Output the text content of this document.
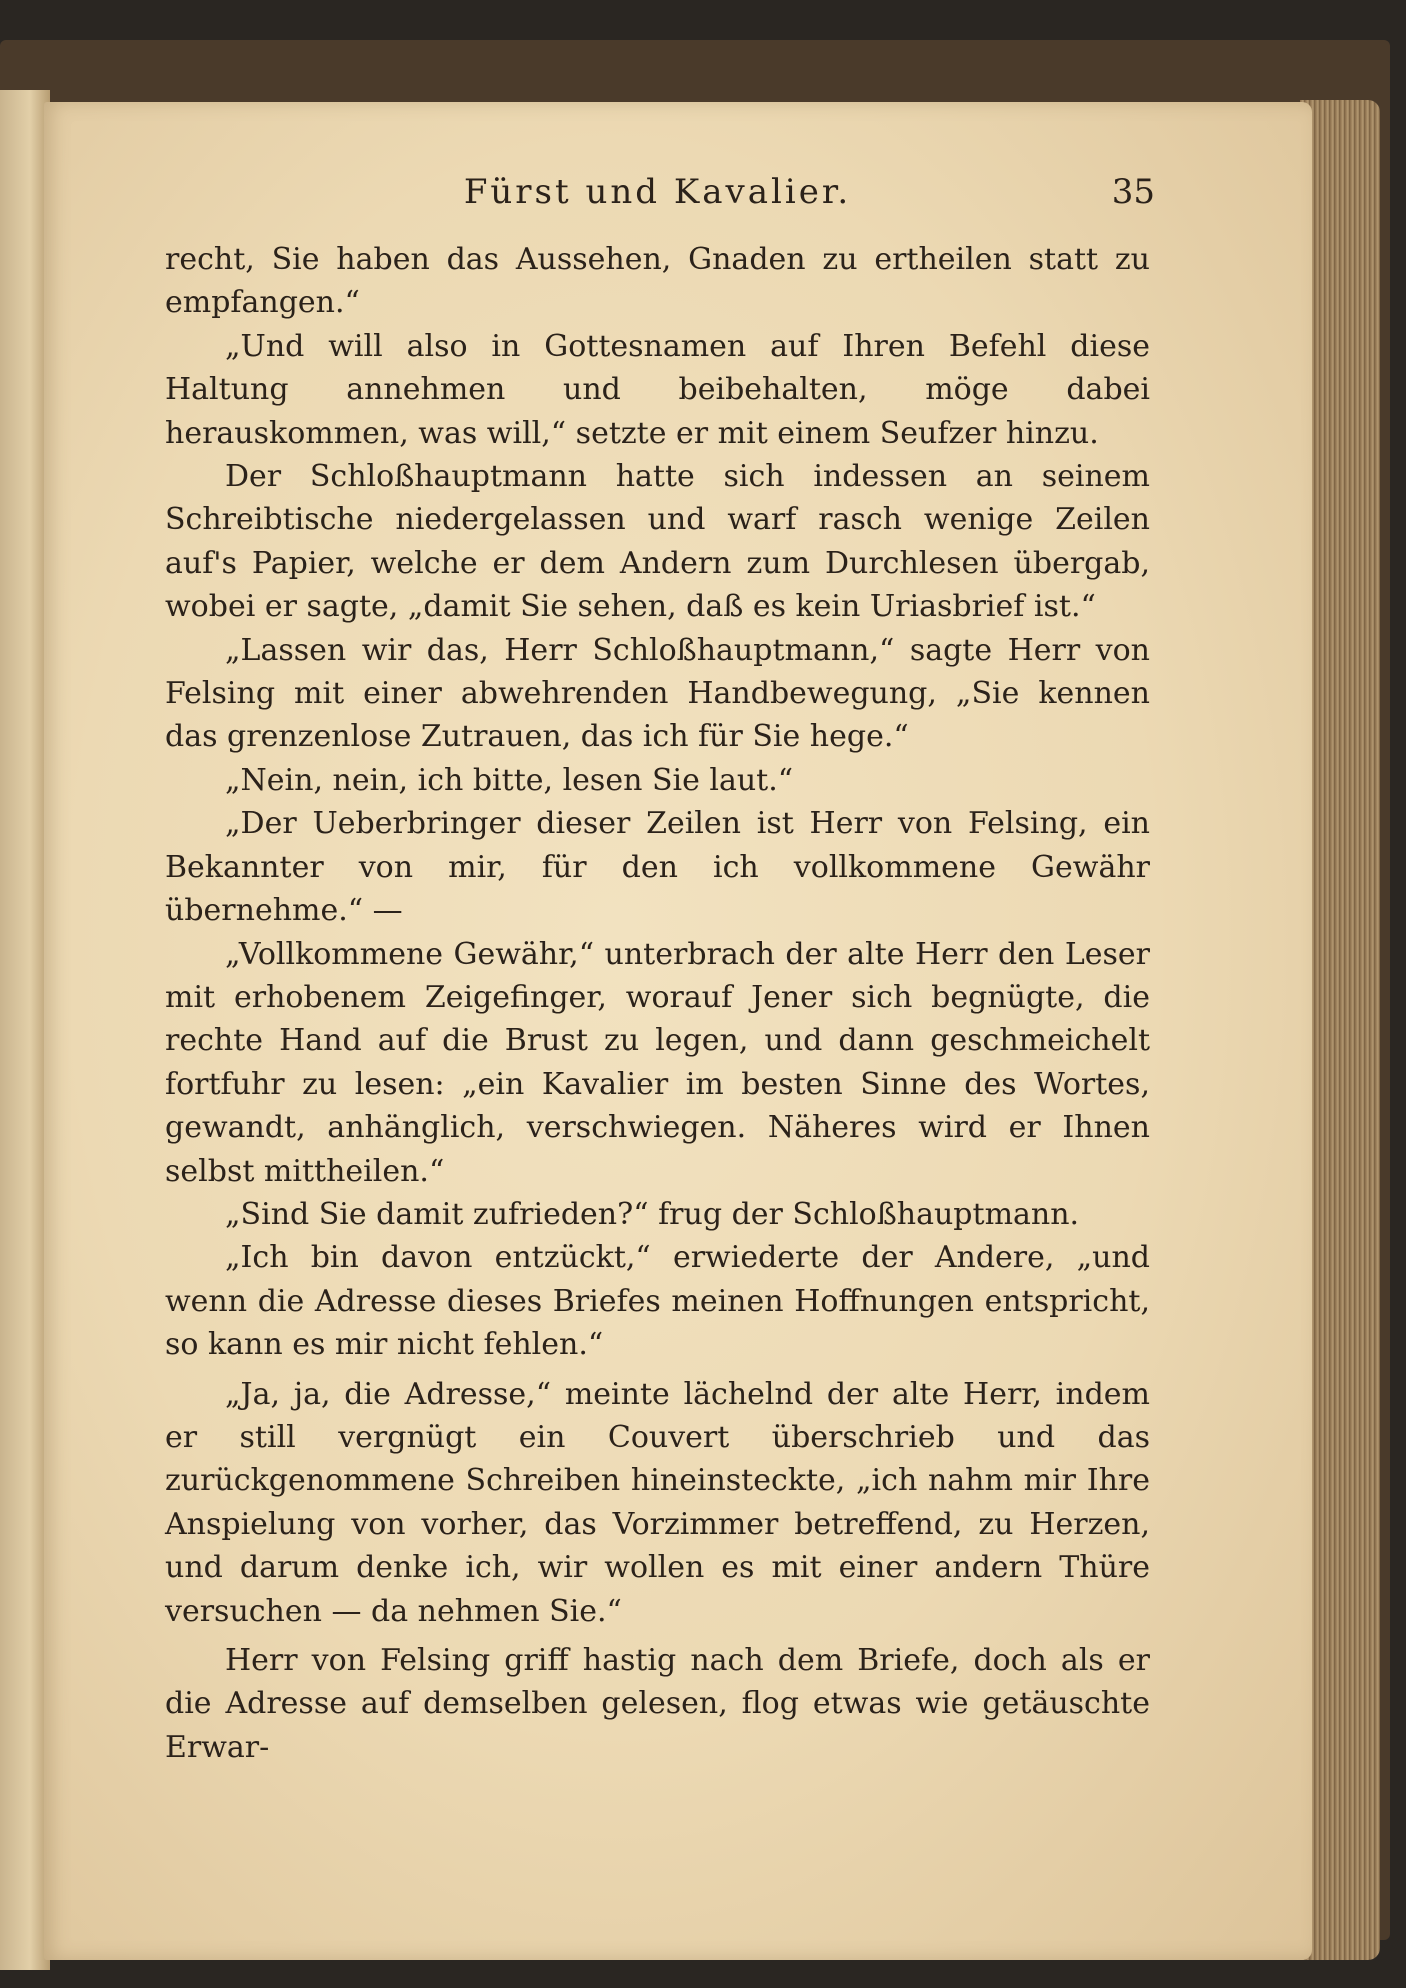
Fürst und Kavalier.	35

recht, Sie haben das Aussehen, Gnaden zu ertheilen statt zu empfangen.“

„Und will also in Gottesnamen auf Ihren Befehl diese Haltung annehmen und beibehalten, möge dabei herauskommen, was will,“ setzte er mit einem Seufzer hinzu.

Der Schloßhauptmann hatte sich indessen an seinem Schreibtische niedergelassen und warf rasch wenige Zeilen auf's Papier, welche er dem Andern zum Durchlesen übergab, wobei er sagte, „damit Sie sehen, daß es kein Uriasbrief ist.“

„Lassen wir das, Herr Schloßhauptmann,“ sagte Herr von Felsing mit einer abwehrenden Handbewegung, „Sie kennen das grenzenlose Zutrauen, das ich für Sie hege.“

„Nein, nein, ich bitte, lesen Sie laut.“

„Der Ueberbringer dieser Zeilen ist Herr von Felsing, ein Bekannter von mir, für den ich vollkommene Gewähr übernehme.“ —

„Vollkommene Gewähr,“ unterbrach der alte Herr den Leser mit erhobenem Zeigefinger, worauf Jener sich begnügte, die rechte Hand auf die Brust zu legen, und dann geschmeichelt fortfuhr zu lesen: „ein Kavalier im besten Sinne des Wortes, gewandt, anhänglich, verschwiegen. Näheres wird er Ihnen selbst mittheilen.“

„Sind Sie damit zufrieden?“ frug der Schloßhauptmann.

„Ich bin davon entzückt,“ erwiederte der Andere, „und wenn die Adresse dieses Briefes meinen Hoffnungen entspricht, so kann es mir nicht fehlen.“

„Ja, ja, die Adresse,“ meinte lächelnd der alte Herr, indem er still vergnügt ein Couvert überschrieb und das zurückgenommene Schreiben hineinsteckte, „ich nahm mir Ihre Anspielung von vorher, das Vorzimmer betreffend, zu Herzen, und darum denke ich, wir wollen es mit einer andern Thüre versuchen — da nehmen Sie.“

Herr von Felsing griff hastig nach dem Briefe, doch als er die Adresse auf demselben gelesen, flog etwas wie getäuschte Erwar-
